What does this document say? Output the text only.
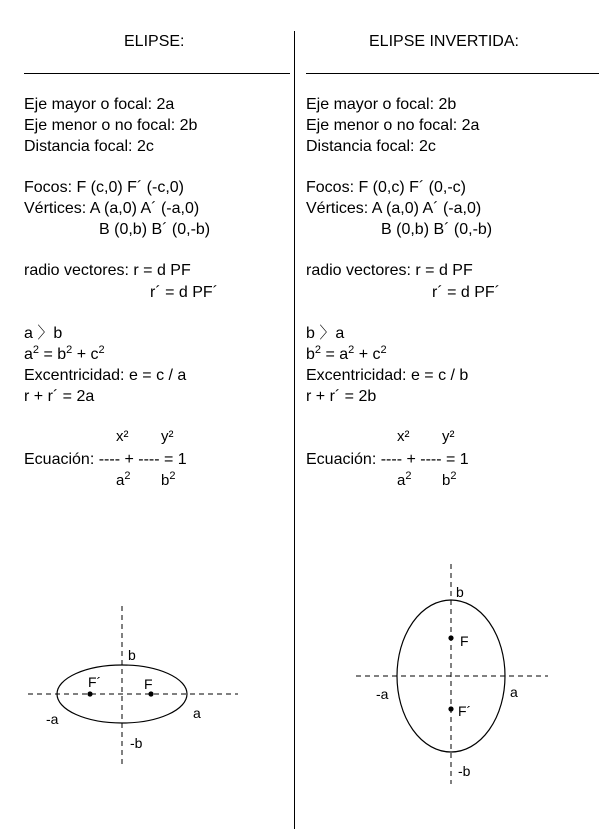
ELIPSE:
Eje mayor o focal: 2a
Eje menor o no focal: 2b
Distancia focal: 2c
Focos: F (c,0) F´ (-c,0)
Vértices: A (a,0) A´ (-a,0)
B (0,b) B´ (0,-b)
radio vectores: r = d PF
r´ = d PF´
a 〉b
$a^2 = b^2 + c^2$
Excentricidad: e = c / a
r + r´ = 2a
x² y²
Ecuación: ---- + ---- = 1
$a^2$ $b^2$
b
-b
-a	a
F´	F
ELIPSE INVERTIDA:
Eje mayor o focal: 2b
Eje menor o no focal: 2a
Distancia focal: 2c
Focos: F (0,c) F´ (0,-c)
Vértices: A (a,0) A´ (-a,0)
B (0,b) B´ (0,-b)
radio vectores: r = d PF
r´ = d PF´
b 〉a
$b^2 = a^2 + c^2$
Excentricidad: e = c / b
r + r´ = 2b
x² y²
Ecuación: ---- + ---- = 1
$a^2$ $b^2$
b
-b
-a	a
F
F´
